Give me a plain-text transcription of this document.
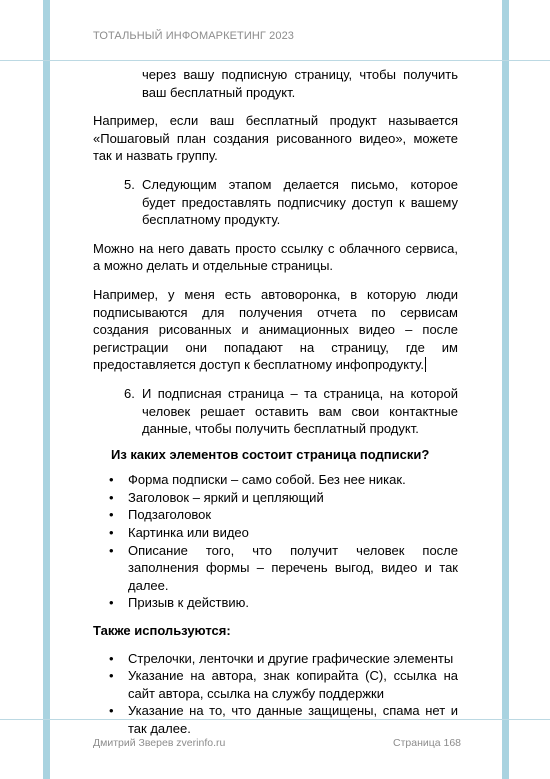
ТОТАЛЬНЫЙ ИНФОМАРКЕТИНГ 2023

через вашу подписную страницу, чтобы получить ваш бесплатный продукт.

Например, если ваш бесплатный продукт называется «Пошаговый план создания рисованного видео», можете так и назвать группу.

5. Следующим этапом делается письмо, которое будет предоставлять подписчику доступ к вашему бесплатному продукту.

Можно на него давать просто ссылку с облачного сервиса, а можно делать и отдельные страницы.

Например, у меня есть автоворонка, в которую люди подписываются для получения отчета по сервисам создания рисованных и анимационных видео – после регистрации они попадают на страницу, где им предоставляется доступ к бесплатному инфопродукту.

6. И подписная страница – та страница, на которой человек решает оставить вам свои контактные данные, чтобы получить бесплатный продукт.

Из каких элементов состоит страница подписки?

• Форма подписки – само собой. Без нее никак.

• Заголовок – яркий и цепляющий

• Подзаголовок

• Картинка или видео

• Описание того, что получит человек после заполнения формы – перечень выгод, видео и так далее.

• Призыв к действию.

Также используются:

• Стрелочки, ленточки и другие графические элементы

• Указание на автора, знак копирайта (С), ссылка на сайт автора, ссылка на службу поддержки

• Указание на то, что данные защищены, спама нет и так далее.

Дмитрий Зверев zverinfo.ru	Страница 168
